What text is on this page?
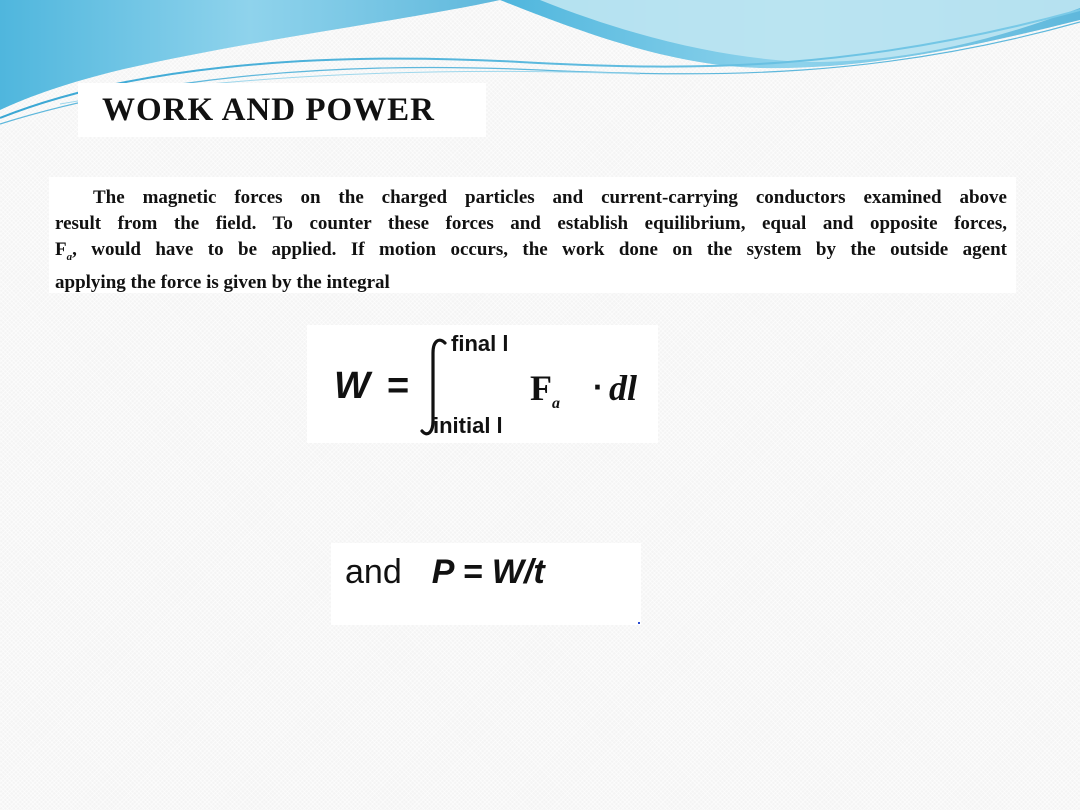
WORK AND POWER

The magnetic forces on the charged particles and current-carrying conductors examined above
result from the field. To counter these forces and establish equilibrium, equal and opposite forces,
$F_a$, would have to be applied. If motion occurs, the work done on the system by the outside agent
applying the force is given by the integral

W =
final l
initial l
$F_a$ · dl

and P = W/t
